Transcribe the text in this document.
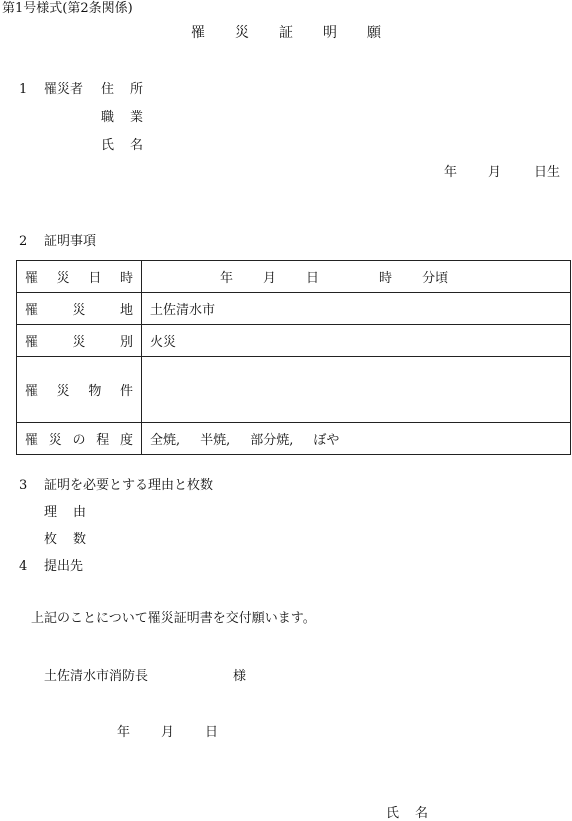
第1号様式(第2条関係)
罹 災 証 明 願
1 罹災者 住 所
職 業
氏 名
年 月	日生
2 証明事項
罹 災 日 時	年 月 日 時 分頃

罹 災 地	土佐清水市

罹 災 別	火災

罹 災 物 件	

罹 災 の 程 度	全焼, 半焼, 部分焼, ぼや
3 証明を必要とする理由と枚数
理 由
枚 数
4 提出先
上記のことについて罹災証明書を交付願います。
土佐清水市消防長	様
年 月 日
氏 名
